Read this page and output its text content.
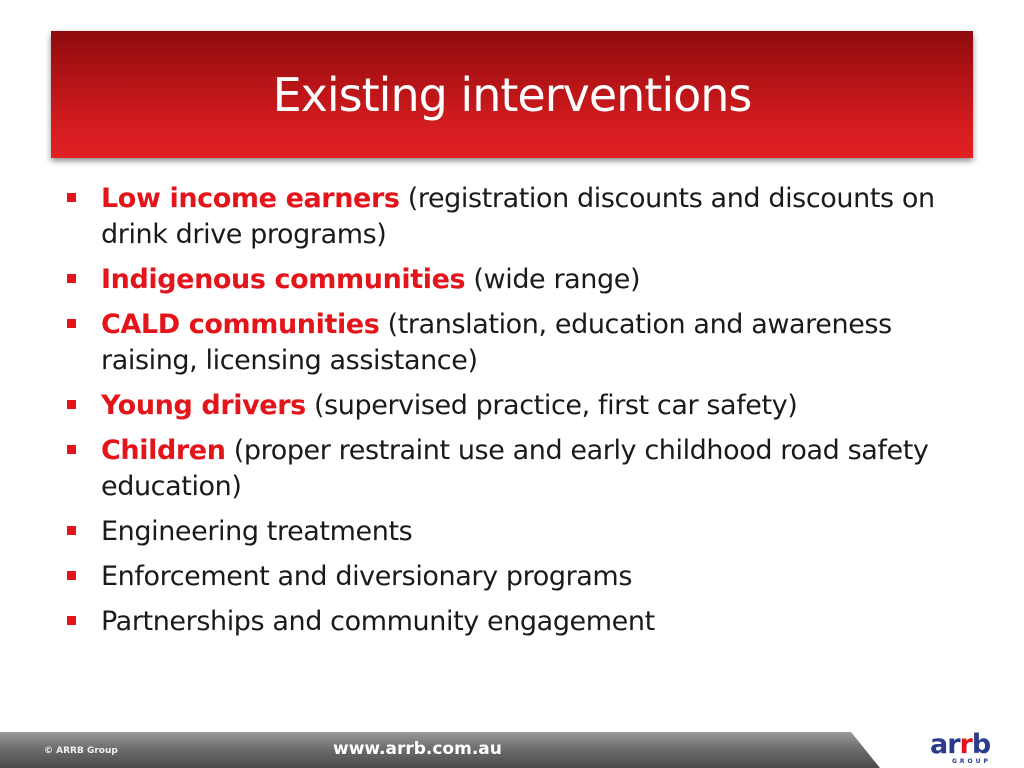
Existing interventions
Low income earners (registration discounts and discounts on drink drive programs)
Indigenous communities (wide range)
CALD communities (translation, education and awareness raising, licensing assistance)
Young drivers (supervised practice, first car safety)
Children (proper restraint use and early childhood road safety education)
Engineering treatments
Enforcement and diversionary programs
Partnerships and community engagement
© ARRB Group	www.arrb.com.au	arrb
GROUP
